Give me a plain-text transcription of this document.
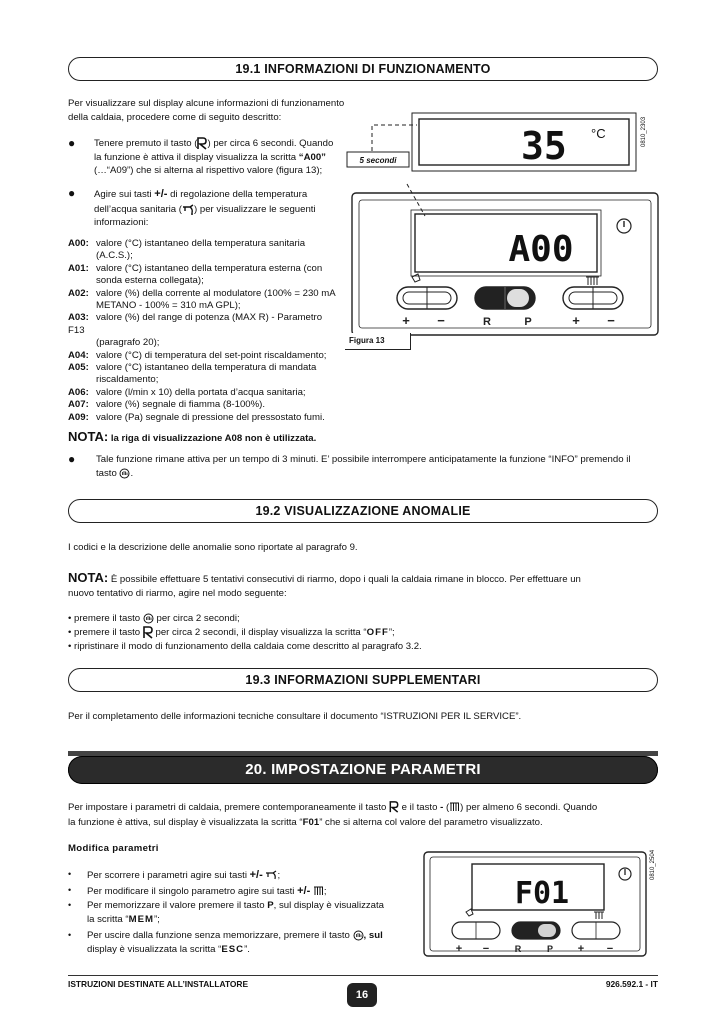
19.1 INFORMAZIONI DI FUNZIONAMENTO

Per visualizzare sul display alcune informazioni di funzionamento

della caldaia, procedere come di seguito descritto:

● Tenere premuto il tasto ( ) per circa 6 secondi. Quando
la funzione è attiva il display visualizza la scritta “A00”
(…“A09”) che si alterna al rispettivo valore (figura 13);
● Agire sui tasti +/- di regolazione della temperatura
dell’acqua sanitaria ( ) per visualizzare le seguenti
informazioni:
A00: valore (°C) istantaneo della temperatura sanitaria
(A.C.S.);
A01: valore (°C) istantaneo della temperatura esterna (con
sonda esterna collegata);
A02: valore (%) della corrente al modulatore (100% = 230 mA
METANO - 100% = 310 mA GPL);
A03: valore (%) del range di potenza (MAX R) - Parametro F13
(paragrafo 20);
A04: valore (°C) di temperatura del set-point riscaldamento;
A05: valore (°C) istantaneo della temperatura di mandata
riscaldamento;
A06: valore (l/min x 10) della portata d’acqua sanitaria;
A07: valore (%) segnale di fiamma (8-100%).
A09: valore (Pa) segnale di pressione del pressostato fumi.
NOTA: la riga di visualizzazione A08 non è utilizzata.
● Tale funzione rimane attiva per un tempo di 3 minuti. E’ possibile interrompere anticipatamente la funzione “INFO” premendo il
tasto .
35 °C	0810_2303
5 secondi
A00
+ −	R	P	+ −
Figura 13
19.2 VISUALIZZAZIONE ANOMALIE

I codici e la descrizione delle anomalie sono riportate al paragrafo 9.

NOTA: È possibile effettuare 5 tentativi consecutivi di riarmo, dopo i quali la caldaia rimane in blocco. Per effettuare un
nuovo tentativo di riarmo, agire nel modo seguente:

• premere il tasto  per circa 2 secondi;

• premere il tasto  per circa 2 secondi, il display visualizza la scritta “OFF”;

• ripristinare il modo di funzionamento della caldaia come descritto al paragrafo 3.2.

19.3 INFORMAZIONI SUPPLEMENTARI

Per il completamento delle informazioni tecniche consultare il documento “ISTRUZIONI PER IL SERVICE”.

20. IMPOSTAZIONE PARAMETRI

Per impostare i parametri di caldaia, premere contemporaneamente il tasto  e il tasto - ( ) per almeno 6 secondi. Quando

la funzione è attiva, sul display è visualizzata la scritta “F01” che si alterna col valore del parametro visualizzato.

Modifica parametri

• Per scorrere i parametri agire sui tasti +/- ;
• Per modificare il singolo parametro agire sui tasti +/- ;
• Per memorizzare il valore premere il tasto P, sul display è visualizzata
la scritta “MEM”;
• Per uscire dalla funzione senza memorizzare, premere il tasto , sul
display è visualizzata la scritta “ESC”.
0810_2504
F01
+ −	R	P + −

ISTRUZIONI DESTINATE ALL’INSTALLATORE	926.592.1 - IT

16
